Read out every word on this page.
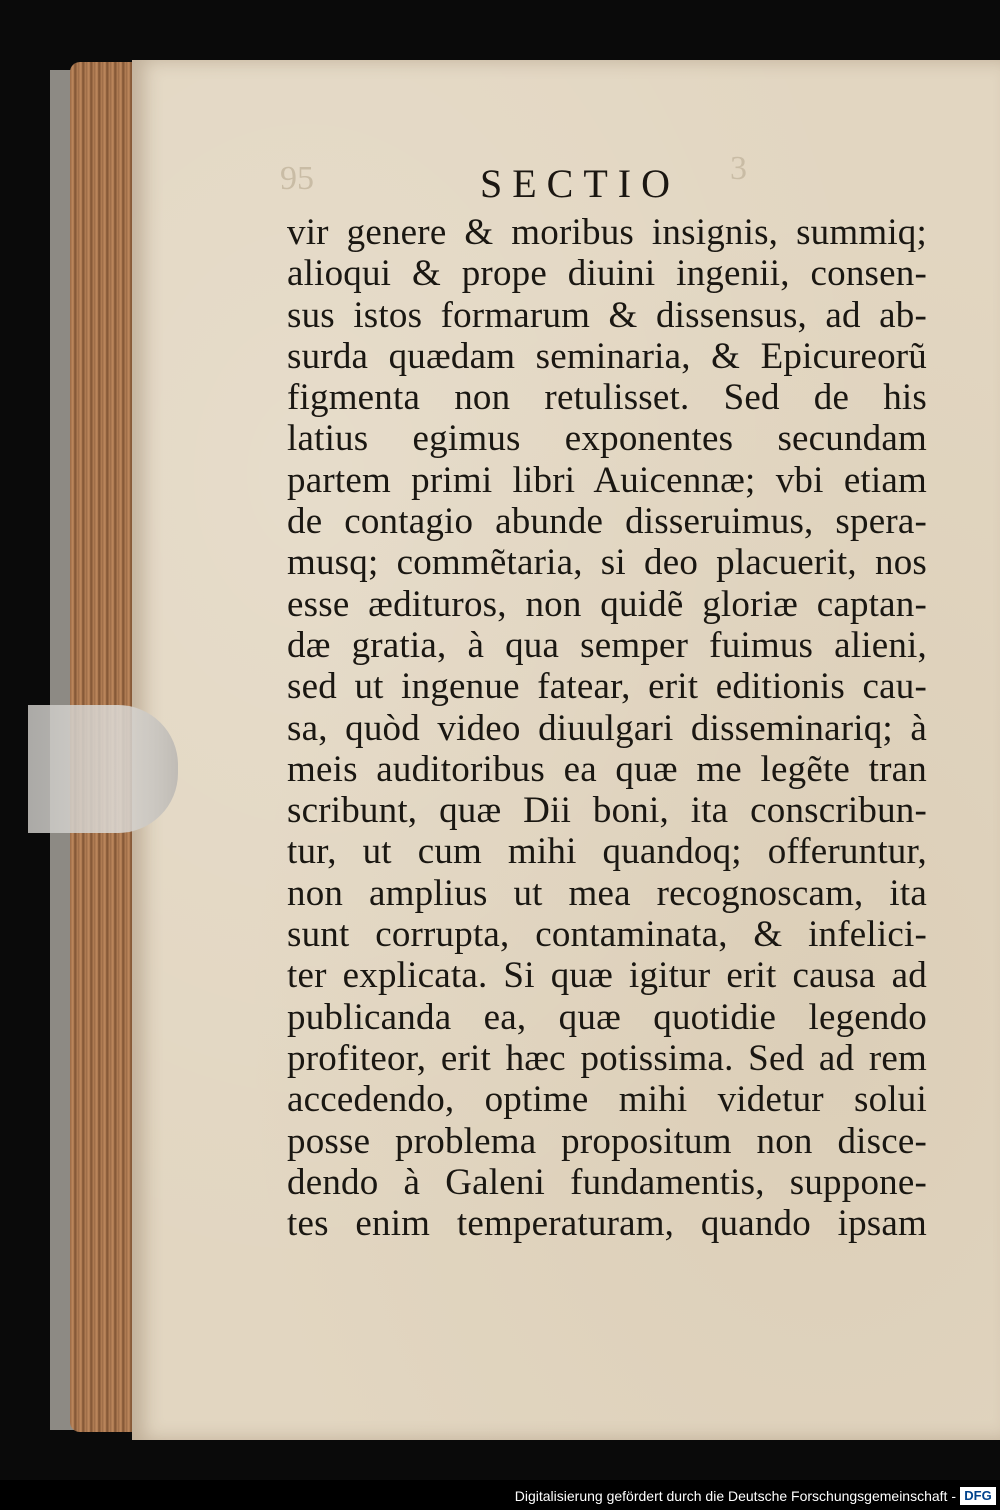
95	3
SECTIO
vir genere & moribus insignis, summiq;
alioqui & prope diuini ingenii, consen-
sus istos formarum & dissensus, ad ab-
surda quædam seminaria, & Epicureorũ
figmenta non retulisset. Sed de his
latius egimus exponentes secundam
partem primi libri Auicennæ; vbi etiam
de contagio abunde disseruimus, spera-
musq; commẽtaria, si deo placuerit, nos
esse ædituros, non quidẽ gloriæ captan-
dæ gratia, à qua semper fuimus alieni,
sed ut ingenue fatear, erit editionis cau-
sa, quòd video diuulgari disseminariq; à
meis auditoribus ea quæ me legẽte tran
scribunt, quæ Dii boni, ita conscribun-
tur, ut cum mihi quandoq; offeruntur,
non amplius ut mea recognoscam, ita
sunt corrupta, contaminata, & infelici-
ter explicata. Si quæ igitur erit causa ad
publicanda ea, quæ quotidie legendo
profiteor, erit hæc potissima. Sed ad rem
accedendo, optime mihi videtur solui
posse problema propositum non disce-
dendo à Galeni fundamentis, suppone-
tes enim temperaturam, quando ipsam
Digitalisierung gefördert durch die Deutsche Forschungsgemeinschaft - DFG
